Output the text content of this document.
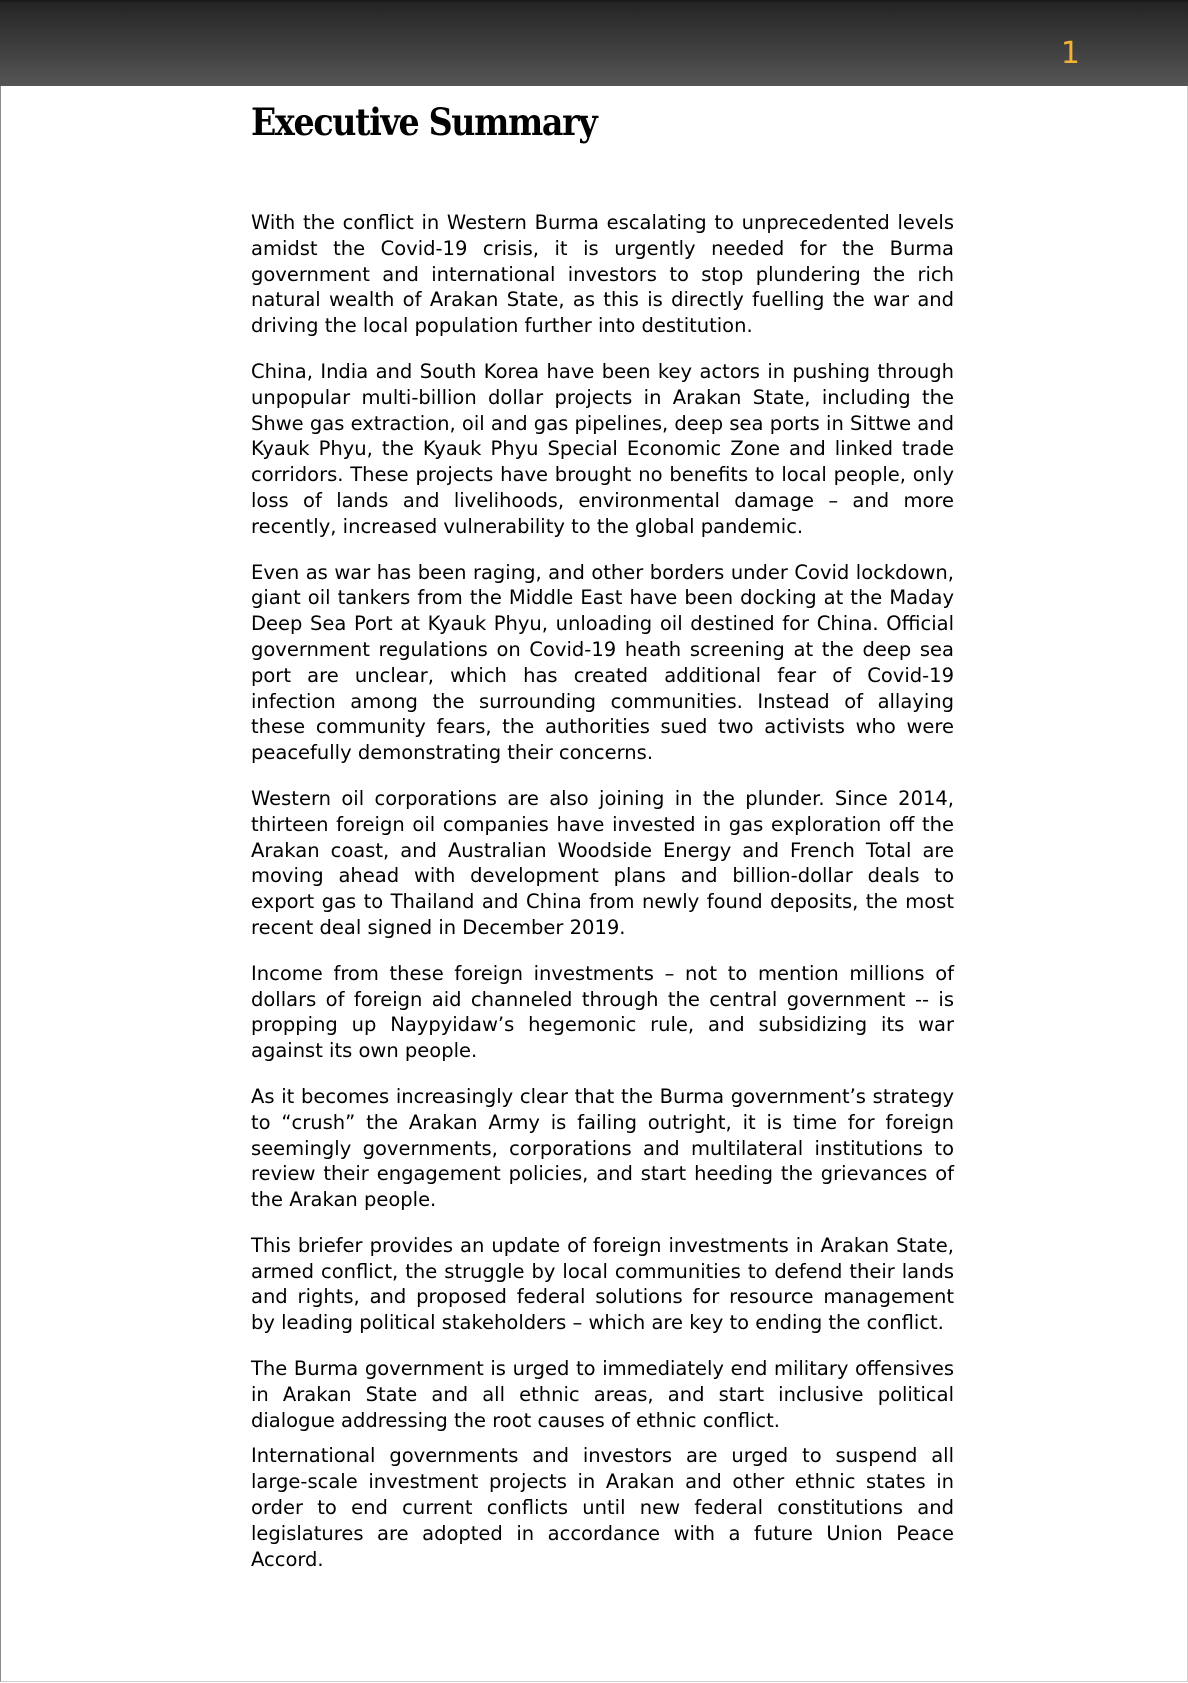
1
Executive Summary

With the conflict in Western Burma escalating to unprecedented levels amidst the Covid-19 crisis, it is urgently needed for the Burma government and international investors to stop plundering the rich natural wealth of Arakan State, as this is directly fuelling the war and driving the local population further into destitution.

China, India and South Korea have been key actors in pushing through unpopular multi-billion dollar projects in Arakan State, including the Shwe gas extraction, oil and gas pipelines, deep sea ports in Sittwe and Kyauk Phyu, the Kyauk Phyu Special Economic Zone and linked trade corridors. These projects have brought no benefits to local people, only loss of lands and livelihoods, environmental damage – and more recently, increased vulnerability to the global pandemic.

Even as war has been raging, and other borders under Covid lockdown, giant oil tankers from the Middle East have been docking at the Maday Deep Sea Port at Kyauk Phyu, unloading oil destined for China. Official government regulations on Covid-19 heath screening at the deep sea port are unclear, which has created additional fear of Covid-19 infection among the surrounding communities. Instead of allaying these community fears, the authorities sued two activists who were peacefully demonstrating their concerns.

Western oil corporations are also joining in the plunder. Since 2014, thirteen foreign oil companies have invested in gas exploration off the Arakan coast, and Australian Woodside Energy and French Total are moving ahead with development plans and billion-dollar deals to export gas to Thailand and China from newly found deposits, the most recent deal signed in December 2019.

Income from these foreign investments – not to mention millions of dollars of foreign aid channeled through the central government -- is propping up Naypyidaw’s hegemonic rule, and subsidizing its war against its own people.

As it becomes increasingly clear that the Burma government’s strategy to “crush” the Arakan Army is failing outright, it is time for foreign seemingly governments, corporations and multilateral institutions to review their engagement policies, and start heeding the grievances of the Arakan people.

This briefer provides an update of foreign investments in Arakan State, armed conflict, the struggle by local communities to defend their lands and rights, and proposed federal solutions for resource management by leading political stakeholders – which are key to ending the conflict.

The Burma government is urged to immediately end military offensives in Arakan State and all ethnic areas, and start inclusive political dialogue addressing the root causes of ethnic conflict.

International governments and investors are urged to suspend all large-scale investment projects in Arakan and other ethnic states in order to end current conflicts until new federal constitutions and legislatures are adopted in accordance with a future Union Peace Accord.
